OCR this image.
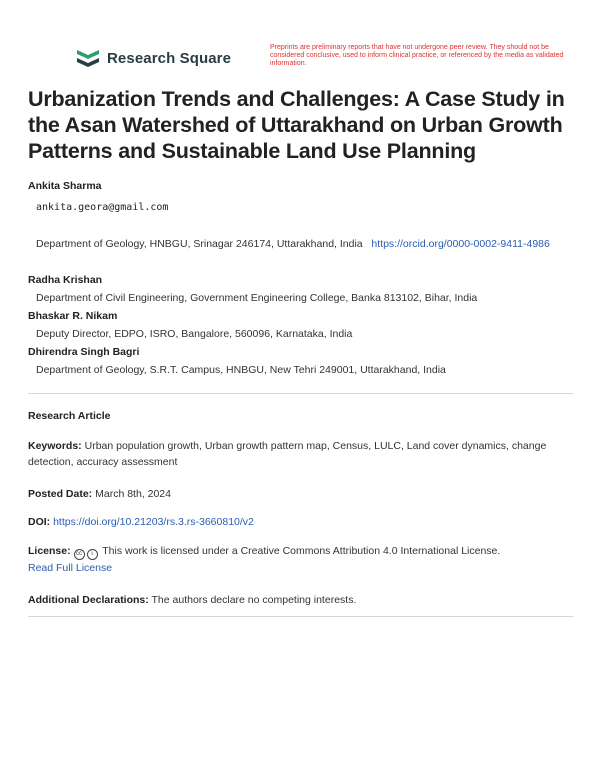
Research Square
Preprints are preliminary reports that have not undergone peer review. They should not be considered conclusive, used to inform clinical practice, or referenced by the media as validated information.
Urbanization Trends and Challenges: A Case Study in the Asan Watershed of Uttarakhand on Urban Growth Patterns and Sustainable Land Use Planning
Ankita Sharma
ankita.geora@gmail.com
Department of Geology, HNBGU, Srinagar 246174, Uttarakhand, India https://orcid.org/0000-0002-9411-4986
Radha Krishan
Department of Civil Engineering, Government Engineering College, Banka 813102, Bihar, India
Bhaskar R. Nikam
Deputy Director, EDPO, ISRO, Bangalore, 560096, Karnataka, India
Dhirendra Singh Bagri
Department of Geology, S.R.T. Campus, HNBGU, New Tehri 249001, Uttarakhand, India
Research Article
Keywords: Urban population growth, Urban growth pattern map, Census, LULC, Land cover dynamics, change detection, accuracy assessment
Posted Date: March 8th, 2024
DOI: https://doi.org/10.21203/rs.3.rs-3660810/v2
License: cc i This work is licensed under a Creative Commons Attribution 4.0 International License.
Read Full License
Additional Declarations: The authors declare no competing interests.
